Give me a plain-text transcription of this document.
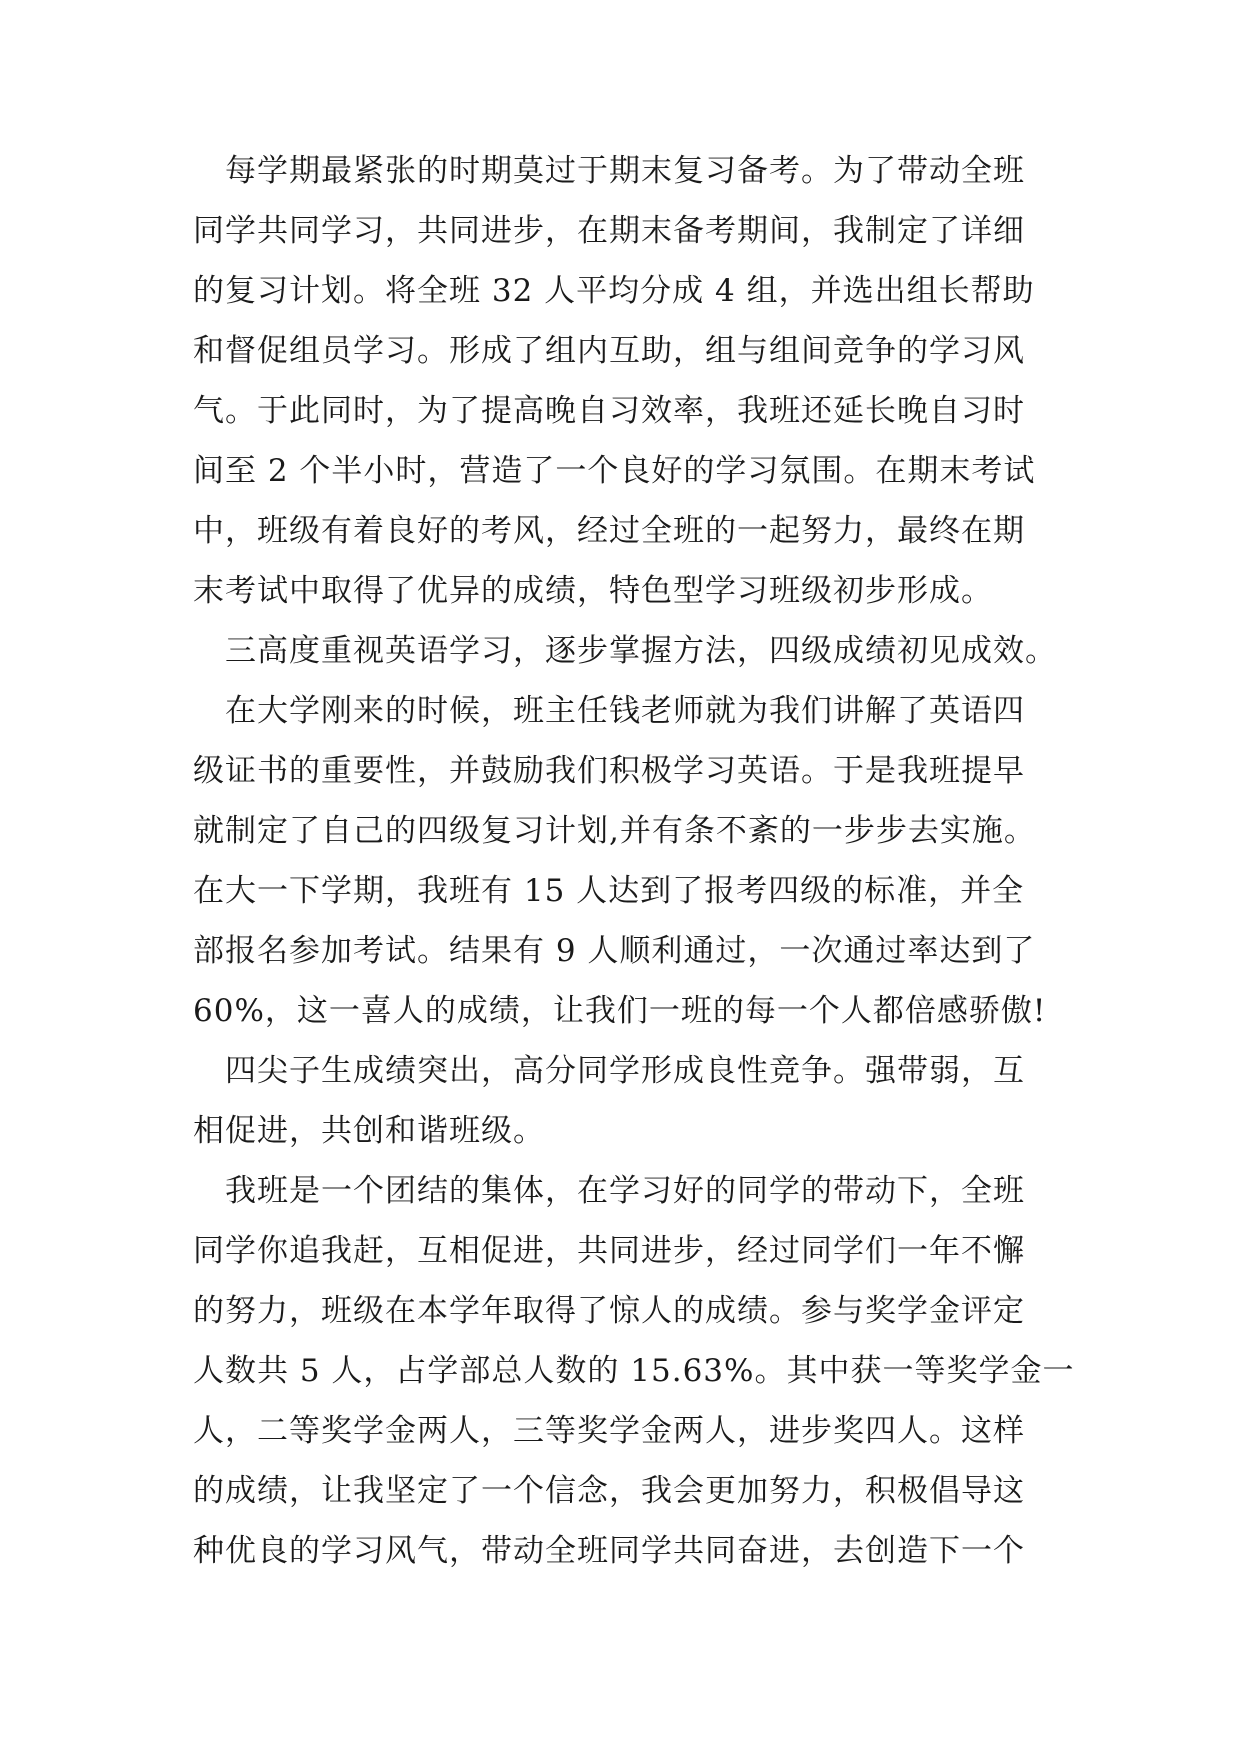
每学期最紧张的时期莫过于期末复习备考。为了带动全班
同学共同学习，共同进步，在期末备考期间，我制定了详细
的复习计划。将全班 32 人平均分成 4 组，并选出组长帮助
和督促组员学习。形成了组内互助，组与组间竞争的学习风
气。于此同时，为了提高晚自习效率，我班还延长晚自习时
间至 2 个半小时，营造了一个良好的学习氛围。在期末考试
中，班级有着良好的考风，经过全班的一起努力，最终在期
末考试中取得了优异的成绩，特色型学习班级初步形成。
三高度重视英语学习，逐步掌握方法，四级成绩初见成效。
在大学刚来的时候，班主任钱老师就为我们讲解了英语四
级证书的重要性，并鼓励我们积极学习英语。于是我班提早
就制定了自己的四级复习计划,并有条不紊的一步步去实施。
在大一下学期，我班有 15 人达到了报考四级的标准，并全
部报名参加考试。结果有 9 人顺利通过，一次通过率达到了
60%，这一喜人的成绩，让我们一班的每一个人都倍感骄傲!
四尖子生成绩突出，高分同学形成良性竞争。强带弱，互
相促进，共创和谐班级。
我班是一个团结的集体，在学习好的同学的带动下，全班
同学你追我赶，互相促进，共同进步，经过同学们一年不懈
的努力，班级在本学年取得了惊人的成绩。参与奖学金评定
人数共 5 人，占学部总人数的 15.63%。其中获一等奖学金一
人，二等奖学金两人，三等奖学金两人，进步奖四人。这样
的成绩，让我坚定了一个信念，我会更加努力，积极倡导这
种优良的学习风气，带动全班同学共同奋进，去创造下一个
